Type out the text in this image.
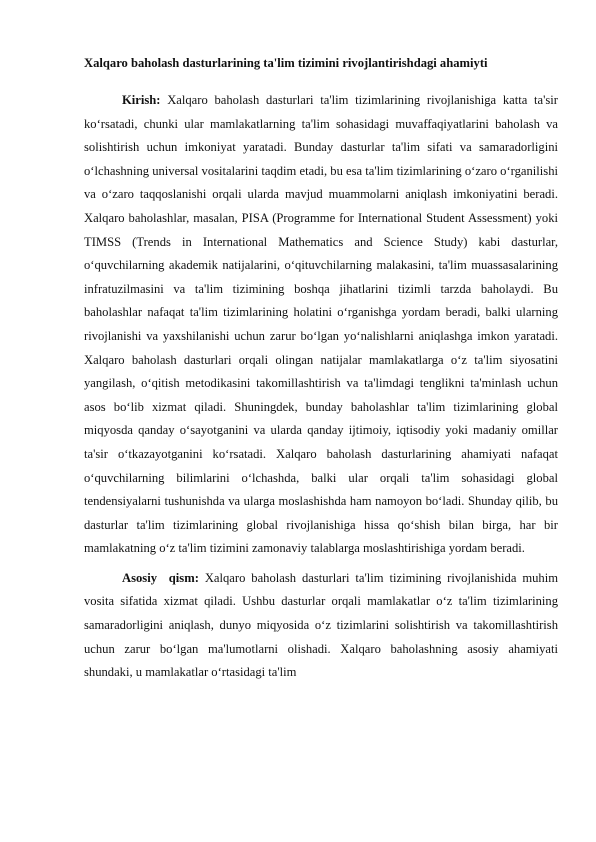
Xalqaro baholash dasturlarining ta'lim tizimini rivojlantirishdagi ahamiyti

Kirish: Xalqaro baholash dasturlari ta'lim tizimlarining rivojlanishiga katta ta'sir ko‘rsatadi, chunki ular mamlakatlarning ta'lim sohasidagi muvaffaqiyatlarini baholash va solishtirish uchun imkoniyat yaratadi. Bunday dasturlar ta'lim sifati va samaradorligini o‘lchashning universal vositalarini taqdim etadi, bu esa ta'lim tizimlarining o‘zaro o‘rganilishi va o‘zaro taqqoslanishi orqali ularda mavjud muammolarni aniqlash imkoniyatini beradi. Xalqaro baholashlar, masalan, PISA (Programme for International Student Assessment) yoki TIMSS (Trends in International Mathematics and Science Study) kabi dasturlar, o‘quvchilarning akademik natijalarini, o‘qituvchilarning malakasini, ta'lim muassasalarining infratuzilmasini va ta'lim tizimining boshqa jihatlarini tizimli tarzda baholaydi. Bu baholashlar nafaqat ta'lim tizimlarining holatini o‘rganishga yordam beradi, balki ularning rivojlanishi va yaxshilanishi uchun zarur bo‘lgan yo‘nalishlarni aniqlashga imkon yaratadi. Xalqaro baholash dasturlari orqali olingan natijalar mamlakatlarga o‘z ta'lim siyosatini yangilash, o‘qitish metodikasini takomillashtirish va ta'limdagi tenglikni ta'minlash uchun asos bo‘lib xizmat qiladi. Shuningdek, bunday baholashlar ta'lim tizimlarining global miqyosda qanday o‘sayotganini va ularda qanday ijtimoiy, iqtisodiy yoki madaniy omillar ta'sir o‘tkazayotganini ko‘rsatadi. Xalqaro baholash dasturlarining ahamiyati nafaqat o‘quvchilarning bilimlarini o‘lchashda, balki ular orqali ta'lim sohasidagi global tendensiyalarni tushunishda va ularga moslashishda ham namoyon bo‘ladi. Shunday qilib, bu dasturlar ta'lim tizimlarining global rivojlanishiga hissa qo‘shish bilan birga, har bir mamlakatning o‘z ta'lim tizimini zamonaviy talablarga moslashtirishiga yordam beradi.

Asosiy  qism: Xalqaro baholash dasturlari ta'lim tizimining rivojlanishida muhim vosita sifatida xizmat qiladi. Ushbu dasturlar orqali mamlakatlar o‘z ta'lim tizimlarining samaradorligini aniqlash, dunyo miqyosida o‘z tizimlarini solishtirish va takomillashtirish uchun zarur bo‘lgan ma'lumotlarni olishadi. Xalqaro baholashning asosiy ahamiyati shundaki, u mamlakatlar o‘rtasidagi ta'lim
